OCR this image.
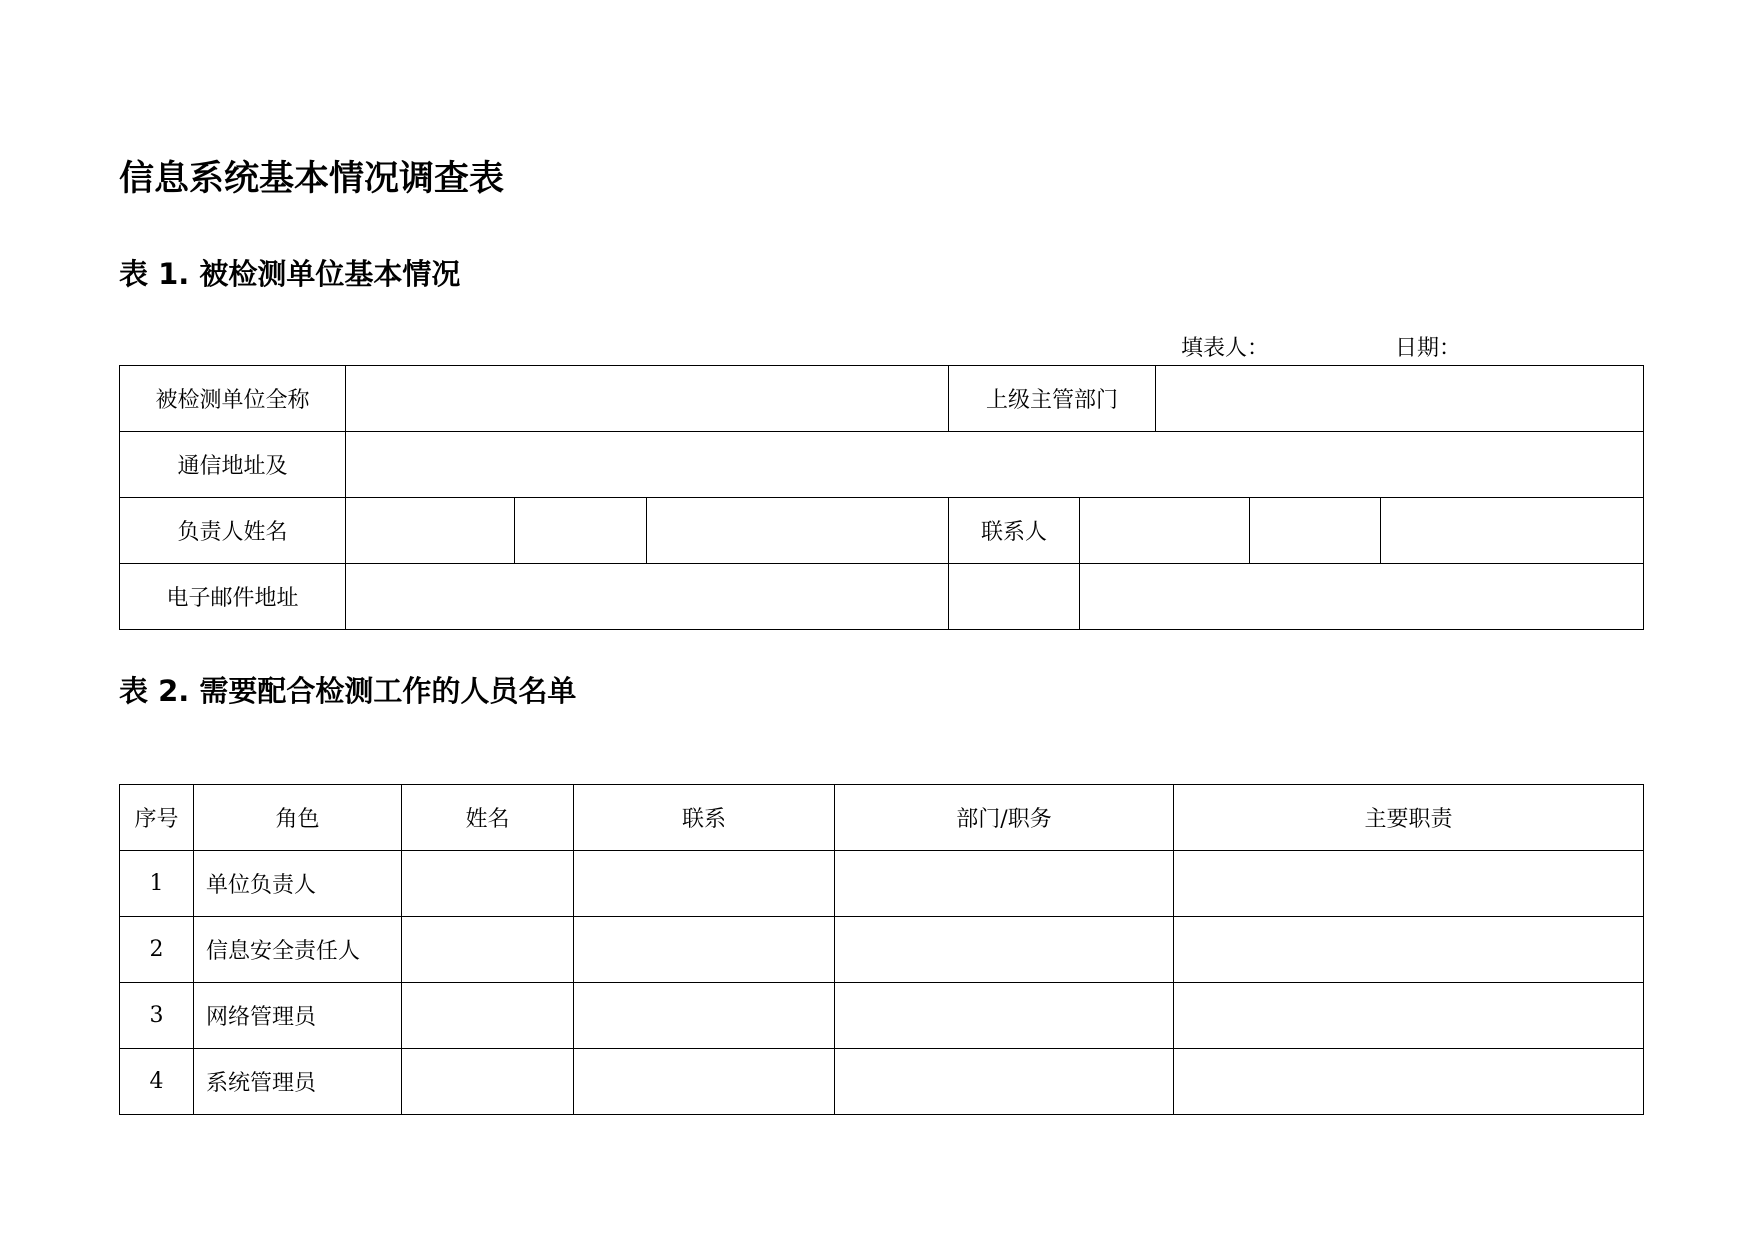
信息系统基本情况调查表
表 1. 被检测单位基本情况
填表人：	日期：
被检测单位全称				上级主管部门				
通信地址及								
负责人姓名				联系人				
电子邮件地址								
表 2. 需要配合检测工作的人员名单
序号	角色	姓名	联系	部门/职务	主要职责
1	单位负责人				
2	信息安全责任人				
3	网络管理员				
4	系统管理员				
